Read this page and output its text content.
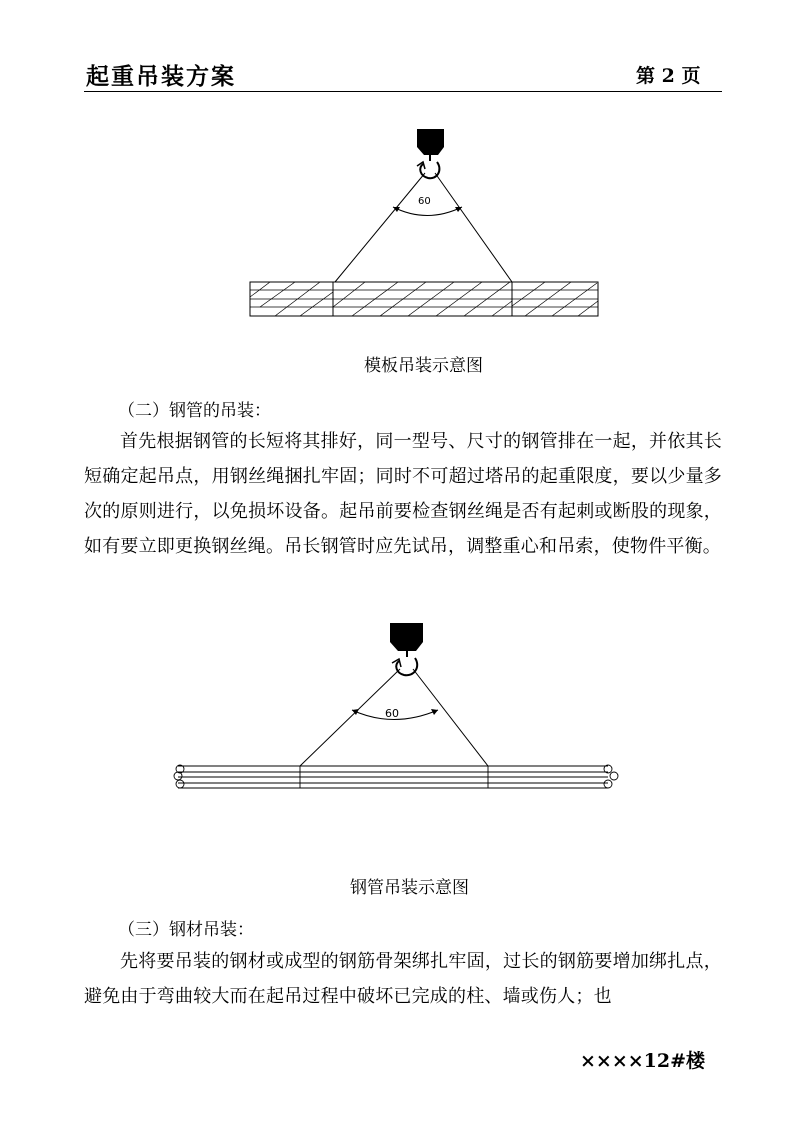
起重吊装方案	第 2 页
60
模板吊装示意图
（二）钢管的吊装：
首先根据钢管的长短将其排好，同一型号、尺寸的钢管排在一起，并依其长短确定起吊点，用钢丝绳捆扎牢固；同时不可超过塔吊的起重限度，要以少量多次的原则进行，以免损坏设备。起吊前要检查钢丝绳是否有起刺或断股的现象，如有要立即更换钢丝绳。吊长钢管时应先试吊，调整重心和吊索，使物件平衡。
60
钢管吊装示意图
（三）钢材吊装：
先将要吊装的钢材或成型的钢筋骨架绑扎牢固，过长的钢筋要增加绑扎点，避免由于弯曲较大而在起吊过程中破坏已完成的柱、墙或伤人；也
××××12#楼
